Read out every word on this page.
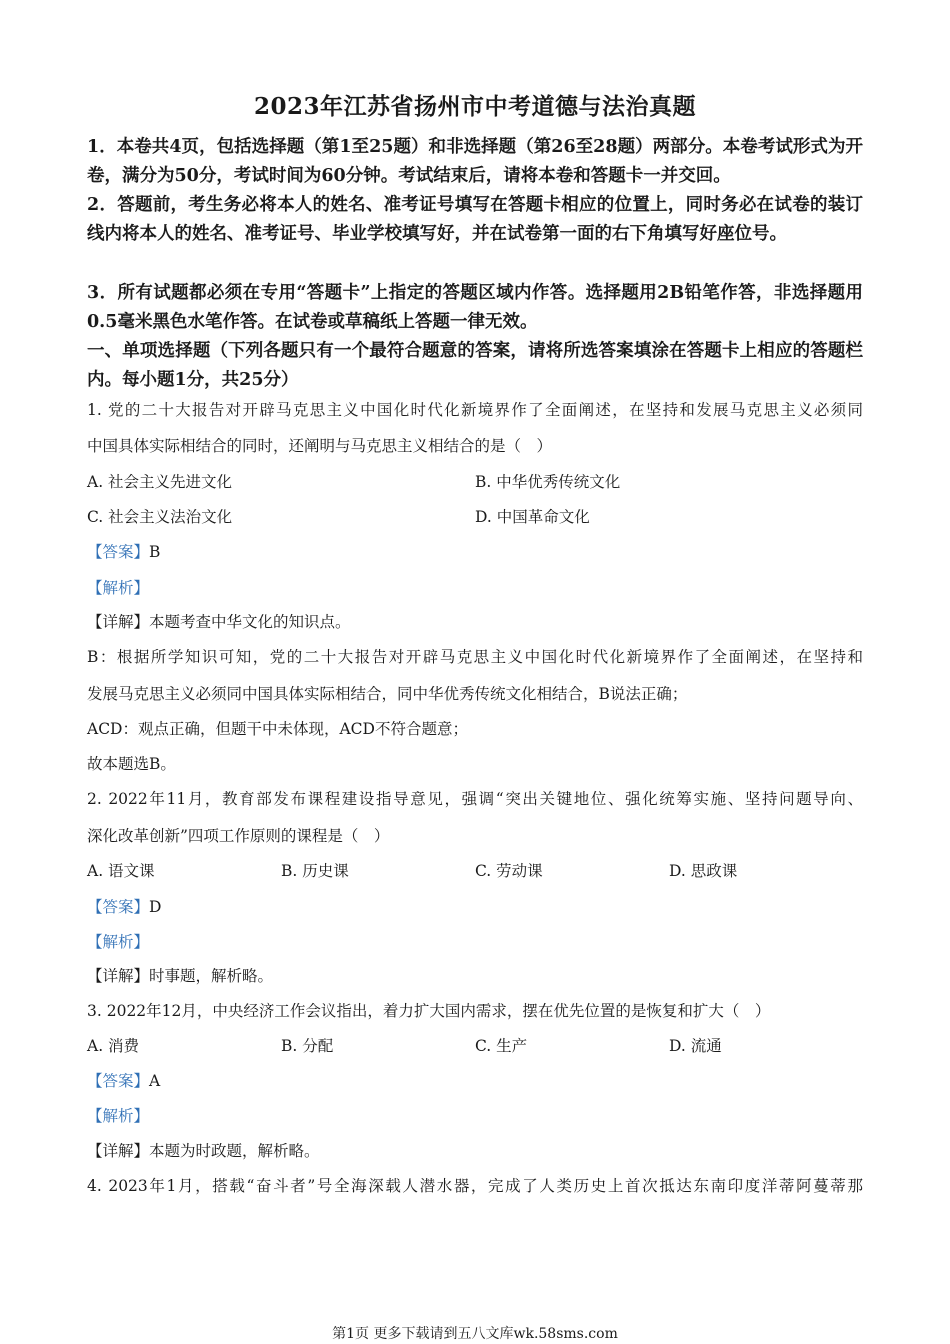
2023年江苏省扬州市中考道德与法治真题
1．本卷共4页，包括选择题（第1至25题）和非选择题（第26至28题）两部分。本卷考试形式为开卷，满分为50分，考试时间为60分钟。考试结束后，请将本卷和答题卡一并交回。
2．答题前，考生务必将本人的姓名、准考证号填写在答题卡相应的位置上，同时务必在试卷的装订线内将本人的姓名、准考证号、毕业学校填写好，并在试卷第一面的右下角填写好座位号。
3．所有试题都必须在专用“答题卡”上指定的答题区域内作答。选择题用2B铅笔作答，非选择题用0.5毫米黑色水笔作答。在试卷或草稿纸上答题一律无效。
一、单项选择题（下列各题只有一个最符合题意的答案，请将所选答案填涂在答题卡上相应的答题栏内。每小题1分，共25分）
1. 党的二十大报告对开辟马克思主义中国化时代化新境界作了全面阐述，在坚持和发展马克思主义必须同
中国具体实际相结合的同时，还阐明与马克思主义相结合的是（　）
A. 社会主义先进文化	B. 中华优秀传统文化
C. 社会主义法治文化	D. 中国革命文化
【答案】B
【解析】
【详解】本题考查中华文化的知识点。
B：根据所学知识可知，党的二十大报告对开辟马克思主义中国化时代化新境界作了全面阐述，在坚持和
发展马克思主义必须同中国具体实际相结合，同中华优秀传统文化相结合，B说法正确；
ACD：观点正确，但题干中未体现，ACD不符合题意；
故本题选B。
2. 2022年11月，教育部发布课程建设指导意见，强调“突出关键地位、强化统筹实施、坚持问题导向、
深化改革创新”四项工作原则的课程是（　）
A. 语文课	B. 历史课	C. 劳动课	D. 思政课
【答案】D
【解析】
【详解】时事题，解析略。
3. 2022年12月，中央经济工作会议指出，着力扩大国内需求，摆在优先位置的是恢复和扩大（　）
A. 消费	B. 分配	C. 生产	D. 流通
【答案】A
【解析】
【详解】本题为时政题，解析略。
4. 2023年1月，搭载“奋斗者”号全海深载人潜水器，完成了人类历史上首次抵达东南印度洋蒂阿蔓蒂那
第1页 更多下载请到五八文库wk.58sms.com
